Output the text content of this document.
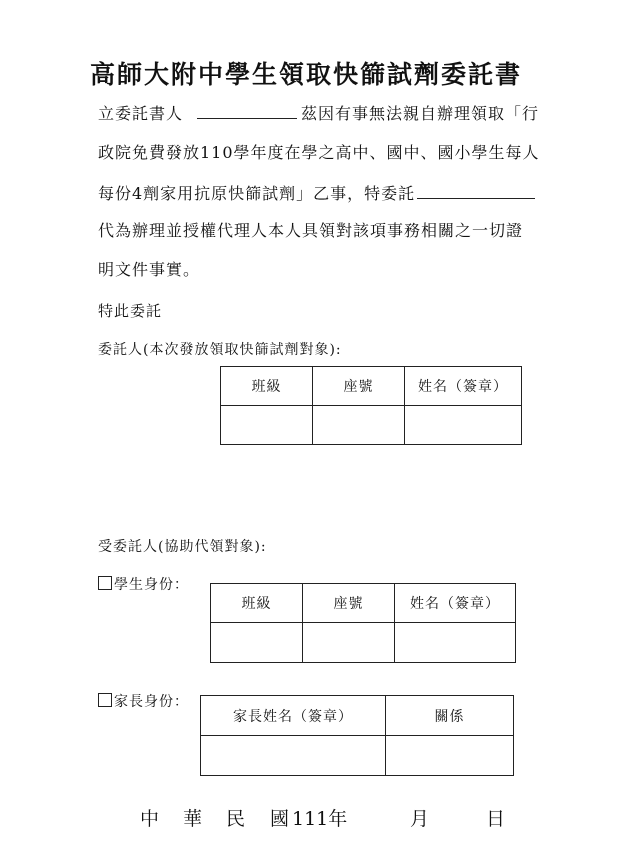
高師大附中學生領取快篩試劑委託書
立委託書人	茲因有事無法親自辦理領取「行
政院免費發放110學年度在學之高中、國中、國小學生每人
每份4劑家用抗原快篩試劑」乙事，特委託
代為辦理並授權代理人本人具領對該項事務相關之一切證
明文件事實。
特此委託
委託人(本次發放領取快篩試劑對象):
班級	座號	姓名（簽章）

受委託人(協助代領對象):
學生身份：
班級	座號	姓名（簽章）

家長身份：
家長姓名（簽章）	關係

中 華 民 國 111年	月	日
